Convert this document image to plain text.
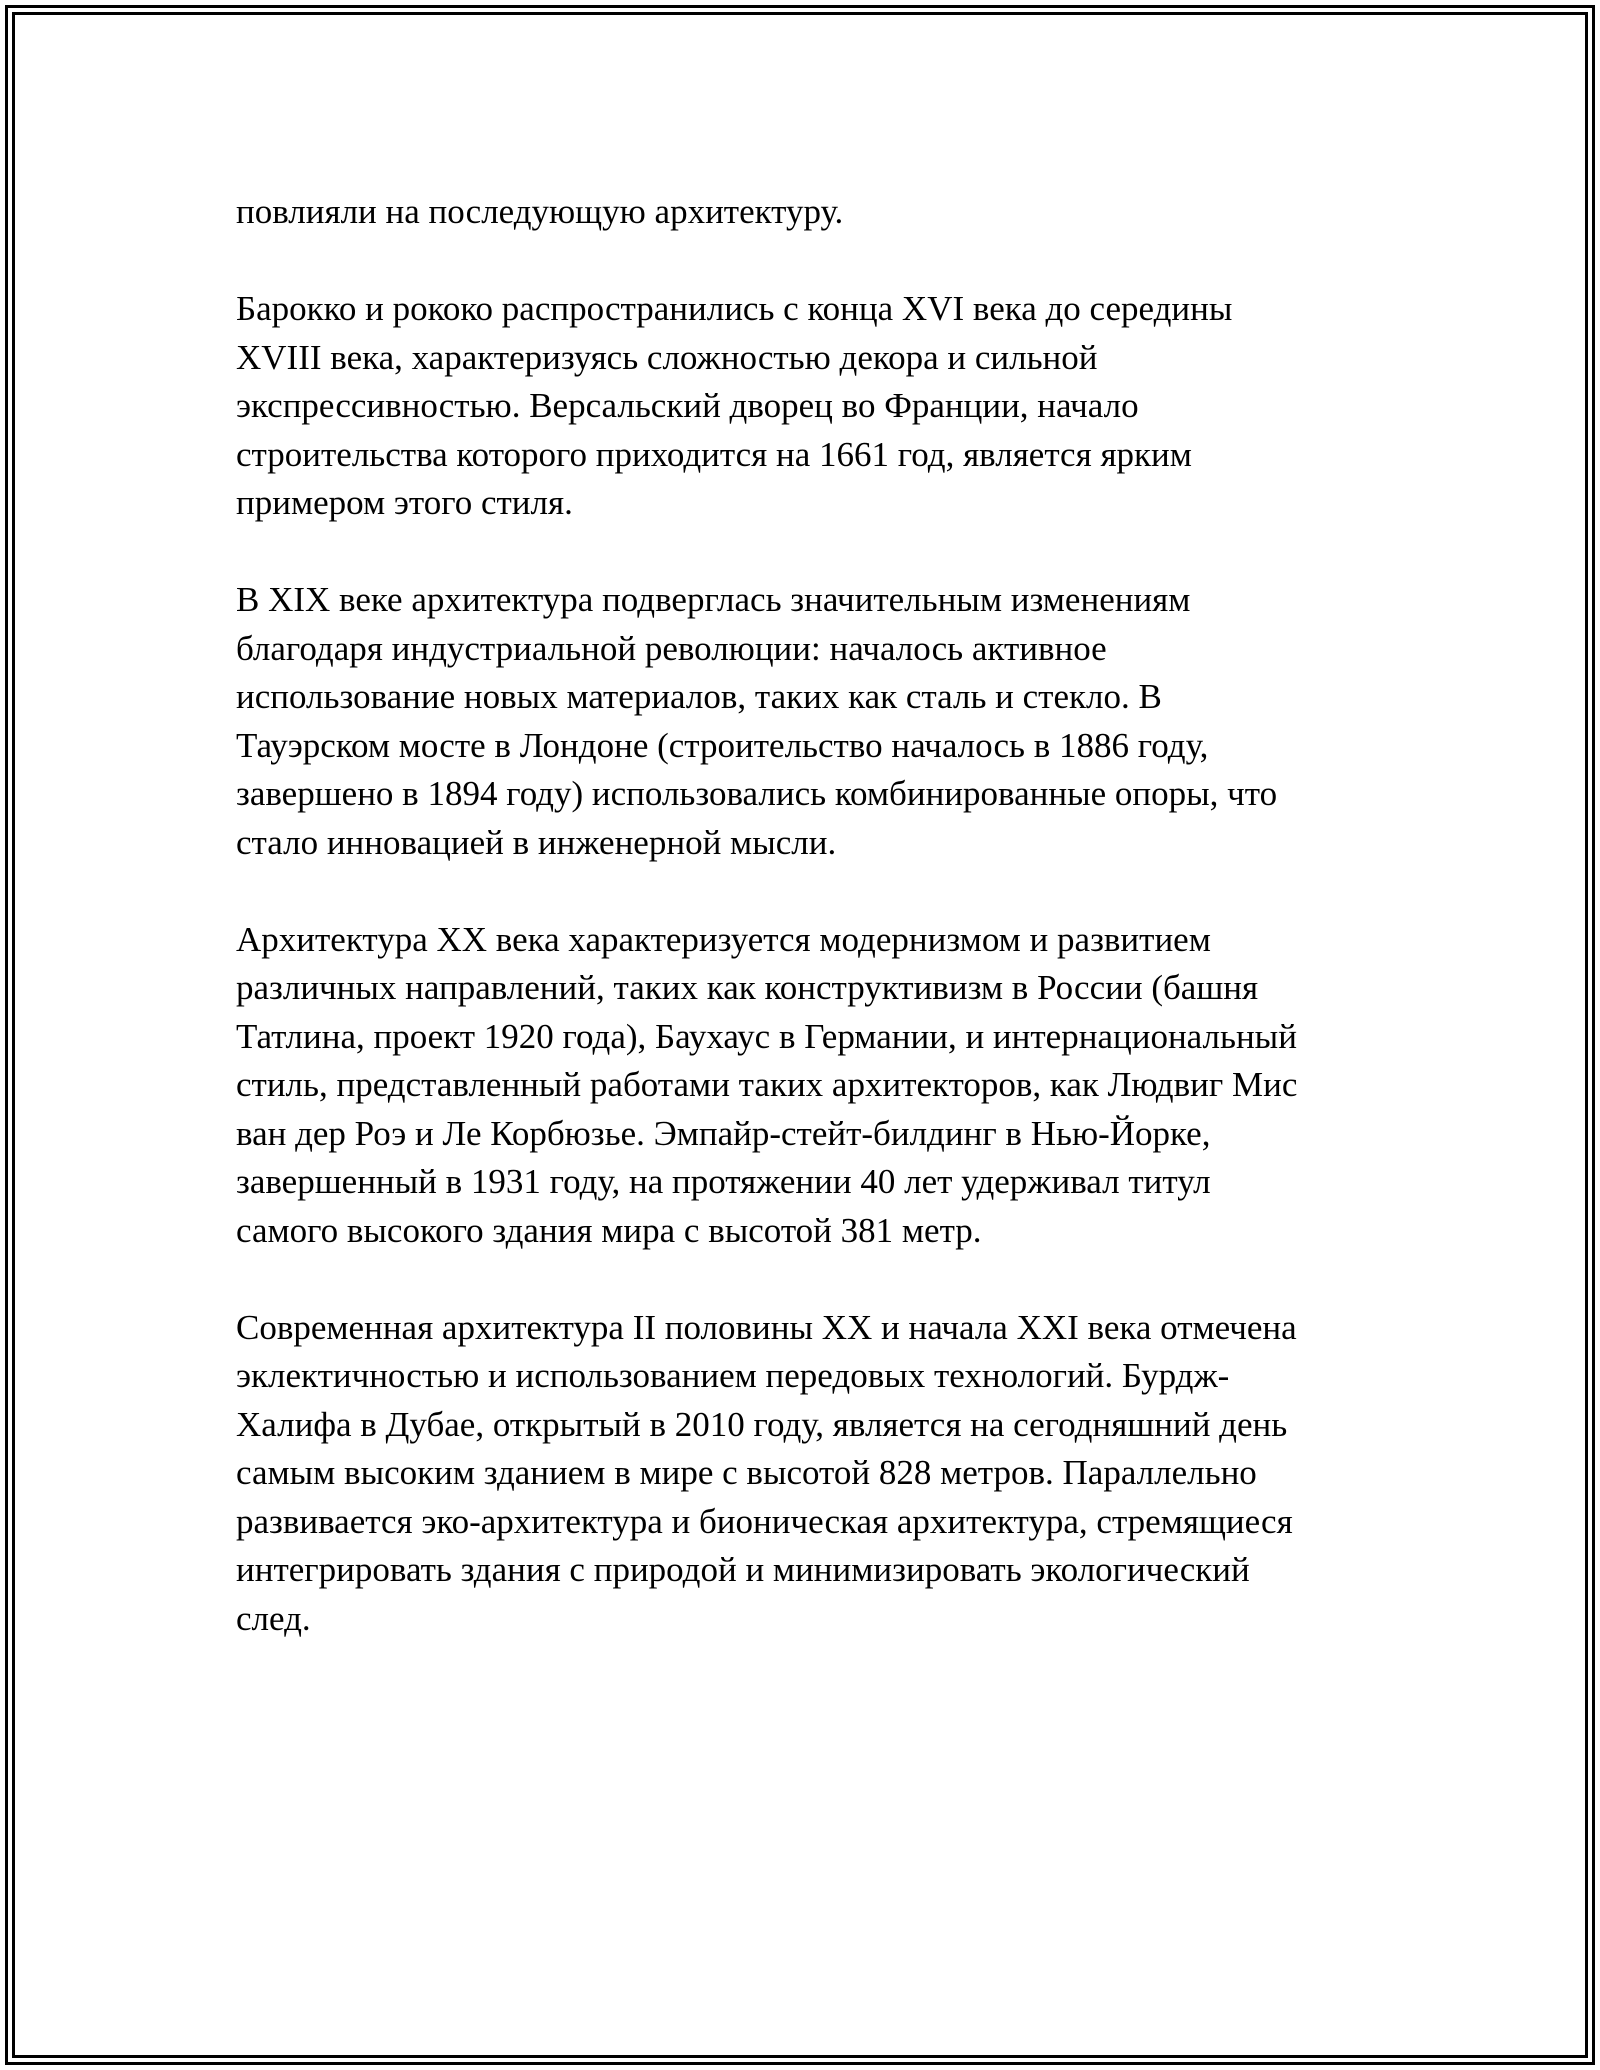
повлияли на последующую архитектуру.

Барокко и рококо распространились с конца XVI века до середины
XVIII века, характеризуясь сложностью декора и сильной
экспрессивностью. Версальский дворец во Франции, начало
строительства которого приходится на 1661 год, является ярким
примером этого стиля.

В XIX веке архитектура подверглась значительным изменениям
благодаря индустриальной революции: началось активное
использование новых материалов, таких как сталь и стекло. В
Тауэрском мосте в Лондоне (строительство началось в 1886 году,
завершено в 1894 году) использовались комбинированные опоры, что
стало инновацией в инженерной мысли.

Архитектура XX века характеризуется модернизмом и развитием
различных направлений, таких как конструктивизм в России (башня
Татлина, проект 1920 года), Баухаус в Германии, и интернациональный
стиль, представленный работами таких архитекторов, как Людвиг Мис
ван дер Роэ и Ле Корбюзье. Эмпайр-стейт-билдинг в Нью-Йорке,
завершенный в 1931 году, на протяжении 40 лет удерживал титул
самого высокого здания мира с высотой 381 метр.

Современная архитектура II половины XX и начала XXI века отмечена
эклектичностью и использованием передовых технологий. Бурдж-
Халифа в Дубае, открытый в 2010 году, является на сегодняшний день
самым высоким зданием в мире с высотой 828 метров. Параллельно
развивается эко-архитектура и бионическая архитектура, стремящиеся
интегрировать здания с природой и минимизировать экологический
след.
